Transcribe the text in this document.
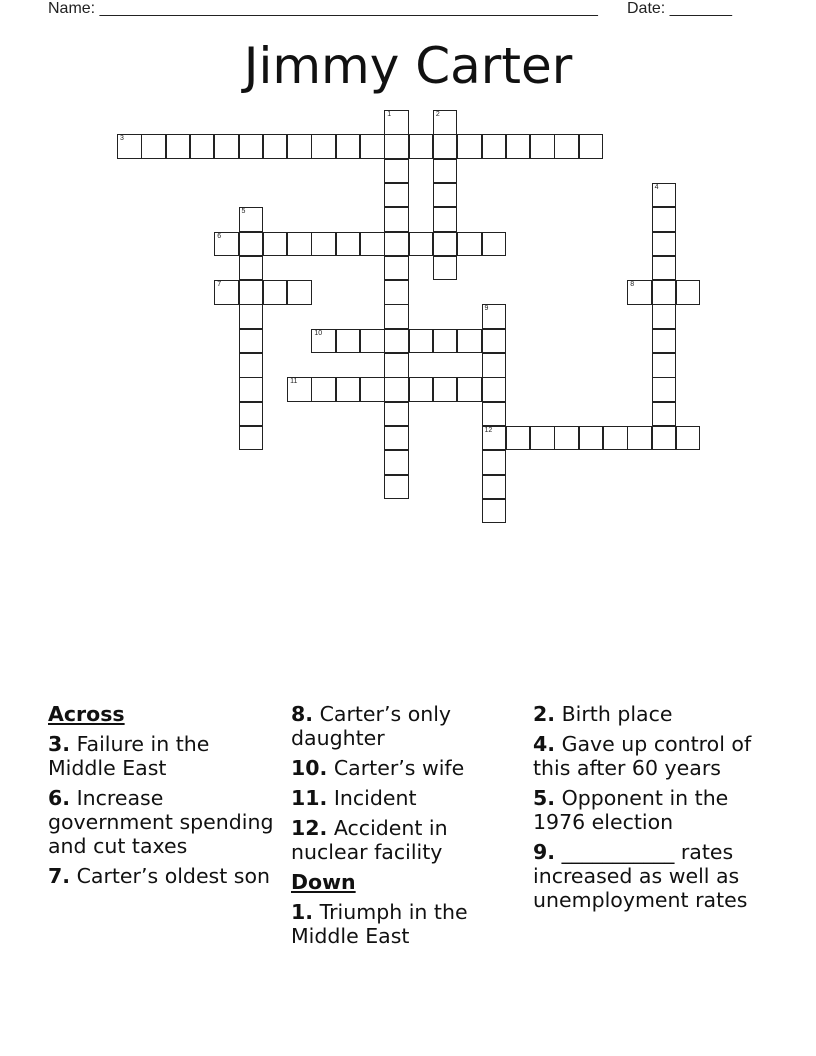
Name: ________________________________________________________ Date: _______
Jimmy Carter
3
6
7	8
10
11
12
1	2
4
5
9
Across
3. Failure in the Middle East
6. Increase government spending and cut taxes
7. Carter’s oldest son
8. Carter’s only daughter
10. Carter’s wife
11. Incident
12. Accident in nuclear facility
Down
1. Triumph in the Middle East
2. Birth place
4. Gave up control of this after 60 years
5. Opponent in the 1976 election
9. ___________ rates increased as well as unemployment rates
